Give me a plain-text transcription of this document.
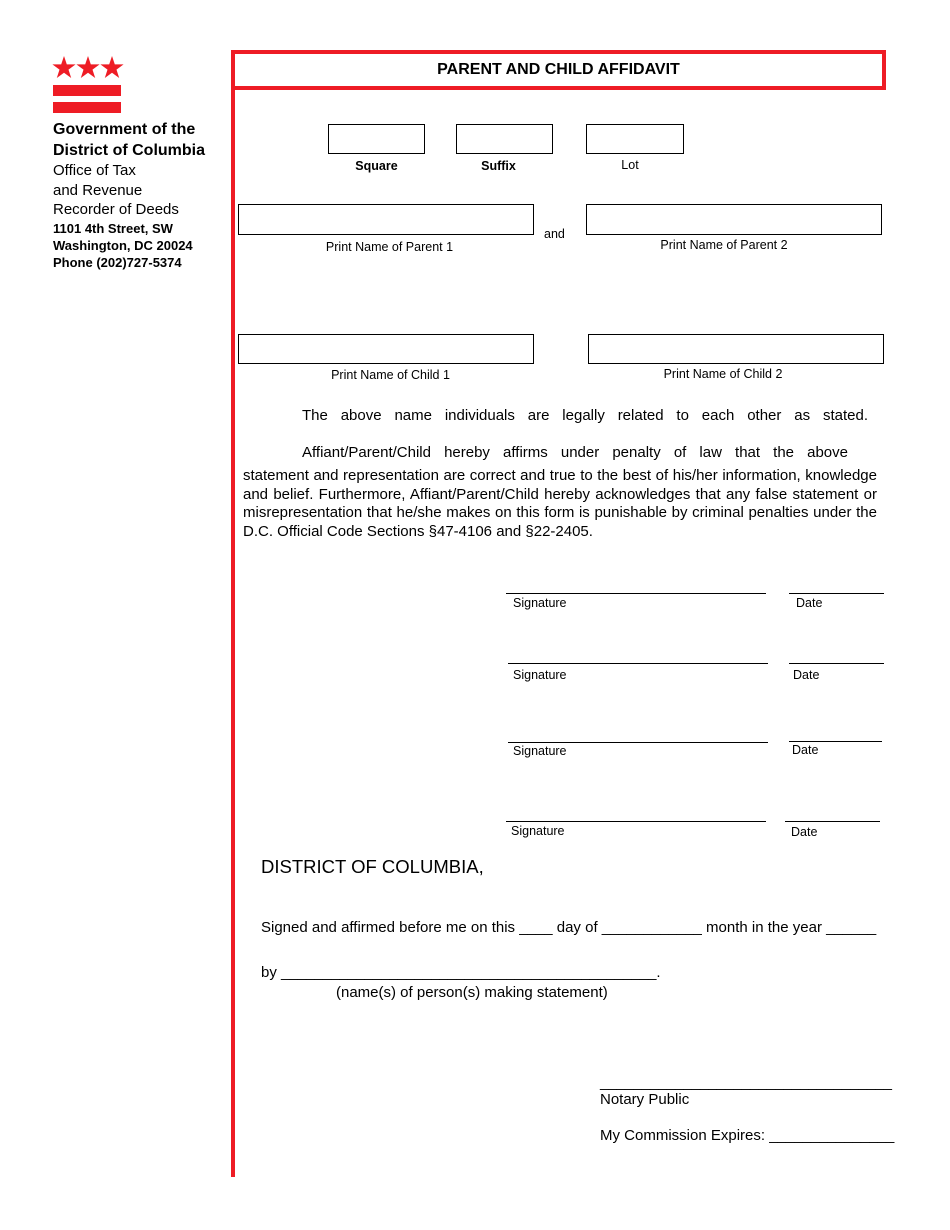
Government of the
District of Columbia
Office of Tax
and Revenue
Recorder of Deeds
1101 4th Street, SW
Washington, DC 20024
Phone (202)727-5374
PARENT AND CHILD AFFIDAVIT
Square	Suffix	Lot
Print Name of Parent 1
and
Print Name of Parent 2
Print Name of Child 1	Print Name of Child 2
The above name individuals are legally related to each other as stated.
Affiant/Parent/Child hereby affirms under penalty of law that the above
statement and representation are correct and true to the best of his/her information, knowledge and belief. Furthermore, Affiant/Parent/Child hereby acknowledges that any false statement or misrepresentation that he/she makes on this form is punishable by criminal penalties under the D.C. Official Code Sections §47-4106 and §22-2405.
Signature	Date
Signature	Date
Signature	Date
Signature	Date
DISTRICT OF COLUMBIA,
Signed and affirmed before me on this ____ day of ____________ month in the year ______
by _____________________________________________.
(name(s) of person(s) making statement)
___________________________________
Notary Public
My Commission Expires: _______________
